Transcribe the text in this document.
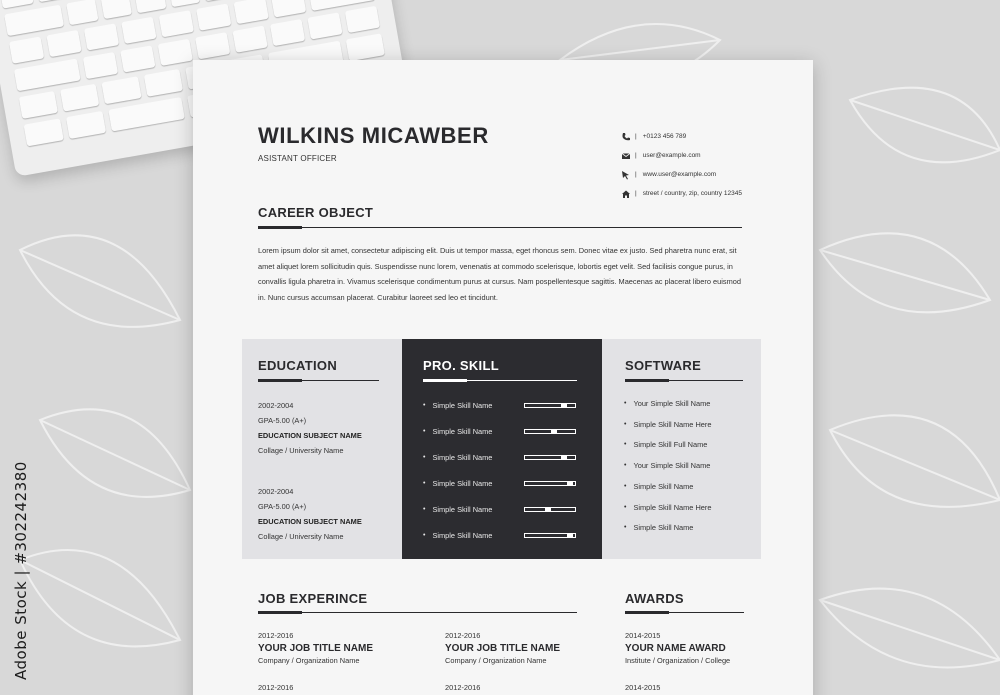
Adobe Stock | #302242380
WILKINS MICAWBER
ASISTANT OFFICER
| +0123 456 789
| user@example.com
| www.user@example.com
| street / country, zip, country 12345
CAREER OBJECT
Lorem ipsum dolor sit amet, consectetur adipiscing elit. Duis ut tempor massa, eget rhoncus sem. Donec vitae ex justo. Sed pharetra nunc erat, sit amet aliquet lorem sollicitudin quis. Suspendisse nunc lorem, venenatis at commodo scelerisque, lobortis eget velit. Sed facilisis congue purus, in convallis ligula pharetra in. Vivamus scelerisque condimentum purus at cursus. Nam pospellentesque sagittis. Maecenas ac placerat libero euismod in. Nunc cursus accumsan placerat. Curabitur laoreet sed leo et tincidunt.
EDUCATION
2002-2004
GPA-5.00 (A+)
EDUCATION SUBJECT NAME
Collage / University Name
2002-2004
GPA-5.00 (A+)
EDUCATION SUBJECT NAME
Collage / University Name
PRO. SKILL
• Simple Skill Name
• Simple Skill Name
• Simple Skill Name
• Simple Skill Name
• Simple Skill Name
• Simple Skill Name
SOFTWARE
• Your Simple Skill Name
• Simple Skill Name Here
• Simple Skill Full Name
• Your Simple Skill Name
• Simple Skill Name
• Simple Skill Name Here
• Simple Skill Name
JOB EXPERINCE
2012-2016
YOUR JOB TITLE NAME
Company / Organization Name
2012-2016
YOUR JOB TITLE NAME
Company / Organization Name
2012-2016	2012-2016
AWARDS
2014-2015
YOUR NAME AWARD
Institute / Organization / College
2014-2015
